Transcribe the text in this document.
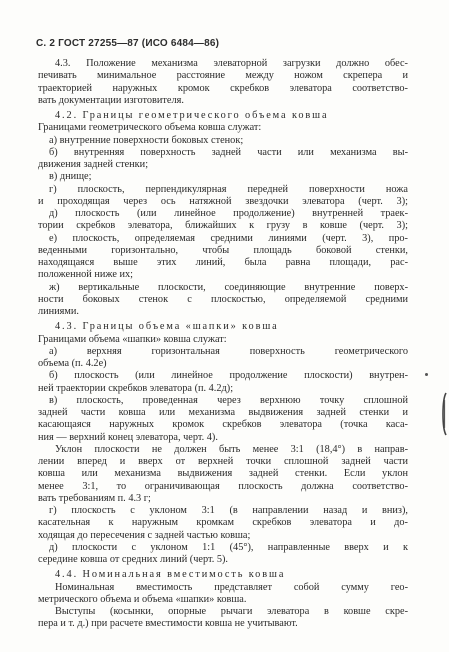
С. 2 ГОСТ 27255—87 (ИСО 6484—86)
4.3. Положение механизма элеваторной загрузки должно обес-
печивать минимальное расстояние между ножом скрепера и
траекторией наружных кромок скребков элеватора соответство-
вать документации изготовителя.
4.2. Границы геометрического объема ковша
Границами геометрического объема ковша служат:
а) внутренние поверхности боковых стенок;
б) внутренняя поверхность задней части или механизма вы-
движения задней стенки;
в) днище;
г) плоскость, перпендикулярная передней поверхности ножа
и проходящая через ось натяжной звездочки элеватора (черт. 3);
д) плоскость (или линейное продолжение) внутренней траек-
тории скребков элеватора, ближайших к грузу в ковше (черт. 3);
е) плоскость, определяемая средними линиями (черт. 3), про-
веденными горизонтально, чтобы площадь боковой стенки,
находящаяся выше этих линий, была равна площади, рас-
положенной ниже их;
ж) вертикальные плоскости, соединяющие внутренние поверх-
ности боковых стенок с плоскостью, определяемой средними
линиями.
4.3. Границы объема «шапки» ковша
Границами объема «шапки» ковша служат:
а) верхняя горизонтальная поверхность геометрического
объема (п. 4.2е)
б) плоскость (или линейное продолжение плоскости) внутрен-
ней траектории скребков элеватора (п. 4.2д);
в) плоскость, проведенная через верхнюю точку сплошной
задней части ковша или механизма выдвижения задней стенки и
касающаяся наружных кромок скребков элеватора (точка каса-
ния — верхний конец элеватора, черт. 4).
Уклон плоскости не должен быть менее 3:1 (18,4°) в направ-
лении вперед и вверх от верхней точки сплошной задней части
ковша или механизма выдвижения задней стенки. Если уклон
менее 3:1, то ограничивающая плоскость должна соответство-
вать требованиям п. 4.3 г;
г) плоскость с уклоном 3:1 (в направлении назад и вниз),
касательная к наружным кромкам скребков элеватора и до-
ходящая до пересечения с задней частью ковша;
д) плоскости с уклоном 1:1 (45°), направленные вверх и к
середине ковша от средних линий (черт. 5).
4.4. Номинальная вместимость ковша
Номинальная вместимость представляет собой сумму гео-
метрического объема и объема «шапки» ковша.
Выступы (косынки, опорные рычаги элеватора в ковше скре-
пера и т. д.) при расчете вместимости ковша не учитывают.
